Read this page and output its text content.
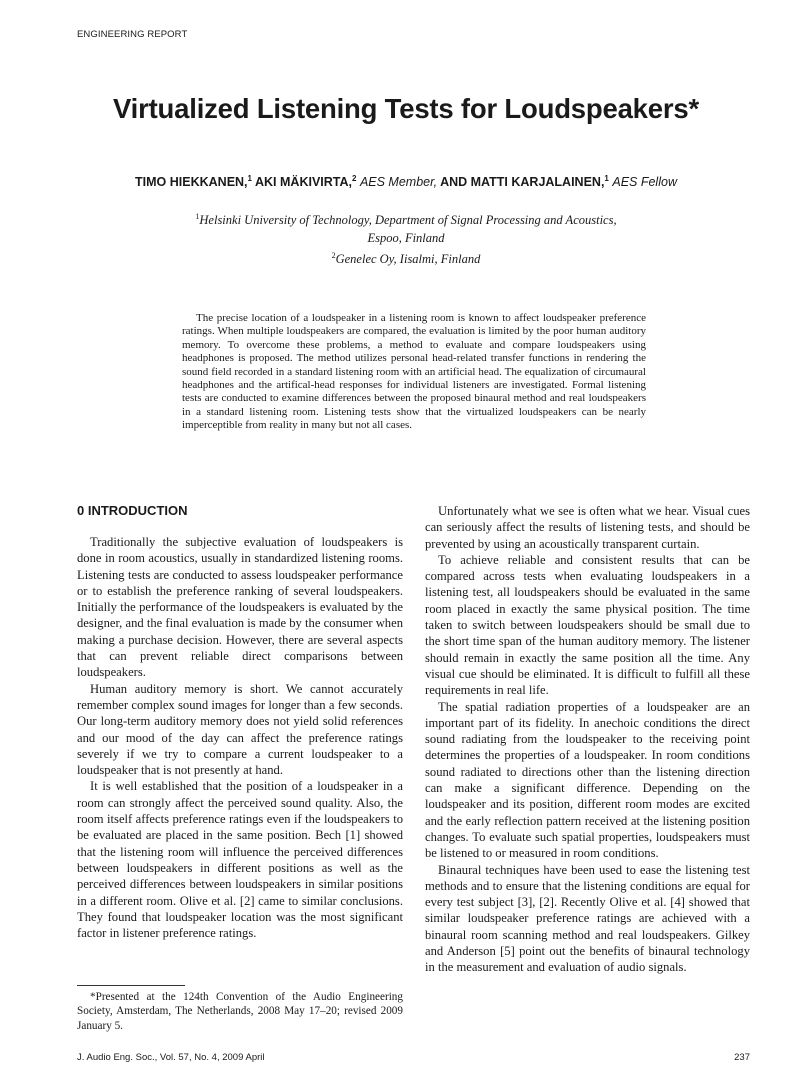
ENGINEERING REPORT
Virtualized Listening Tests for Loudspeakers*
TIMO HIEKKANEN,$^1$ AKI MÄKIVIRTA,$^2$ AES Member, AND MATTI KARJALAINEN,$^1$ AES Fellow
$^1$Helsinki University of Technology, Department of Signal Processing and Acoustics,
Espoo, Finland
$^2$Genelec Oy, Iisalmi, Finland

The precise location of a loudspeaker in a listening room is known to affect loudspeaker preference ratings. When multiple loudspeakers are compared, the evaluation is limited by the poor human auditory memory. To overcome these problems, a method to evaluate and compare loudspeakers using headphones is proposed. The method utilizes personal head-related transfer functions in rendering the sound field recorded in a standard listening room with an artificial head. The equalization of circumaural headphones and the artifical-head responses for individual listeners are investigated. Formal listening tests are conducted to examine differences between the proposed binaural method and real loudspeakers in a standard listening room. Listening tests show that the virtualized loudspeakers can be nearly imperceptible from reality in many but not all cases.

0 INTRODUCTION

Traditionally the subjective evaluation of loudspeakers is done in room acoustics, usually in standardized listening rooms. Listening tests are conducted to assess loudspeaker performance or to establish the preference ranking of several loudspeakers. Initially the performance of the loudspeakers is evaluated by the designer, and the final evaluation is made by the consumer when making a purchase decision. However, there are several aspects that can prevent reliable direct comparisons between loudspeakers.

Human auditory memory is short. We cannot accurately remember complex sound images for longer than a few seconds. Our long-term auditory memory does not yield solid references and our mood of the day can affect the preference ratings severely if we try to compare a current loudspeaker to a loudspeaker that is not presently at hand.

It is well established that the position of a loudspeaker in a room can strongly affect the perceived sound quality. Also, the room itself affects preference ratings even if the loudspeakers to be evaluated are placed in the same position. Bech [1] showed that the listening room will influence the perceived differences between loudspeakers in different positions as well as the perceived differences between loudspeakers in similar positions in a different room. Olive et al. [2] came to similar conclusions. They found that loudspeaker location was the most significant factor in listener preference ratings.

Unfortunately what we see is often what we hear. Visual cues can seriously affect the results of listening tests, and should be prevented by using an acoustically transparent curtain.

To achieve reliable and consistent results that can be compared across tests when evaluating loudspeakers in a listening test, all loudspeakers should be evaluated in the same room placed in exactly the same physical position. The time taken to switch between loudspeakers should be small due to the short time span of the human auditory memory. The listener should remain in exactly the same position all the time. Any visual cue should be eliminated. It is difficult to fulfill all these requirements in real life.

The spatial radiation properties of a loudspeaker are an important part of its fidelity. In anechoic conditions the direct sound radiating from the loudspeaker to the receiving point determines the properties of a loudspeaker. In room conditions sound radiated to directions other than the listening direction can make a significant difference. Depending on the loudspeaker and its position, different room modes are excited and the early reflection pattern received at the listening position changes. To evaluate such spatial properties, loudspeakers must be listened to or measured in room conditions.

Binaural techniques have been used to ease the listening test methods and to ensure that the listening conditions are equal for every test subject [3], [2]. Recently Olive et al. [4] showed that similar loudspeaker preference ratings are achieved with a binaural room scanning method and real loudspeakers. Gilkey and Anderson [5] point out the benefits of binaural technology in the measurement and evaluation of audio signals.

*Presented at the 124th Convention of the Audio Engineering Society, Amsterdam, The Netherlands, 2008 May 17–20; revised 2009 January 5.

J. Audio Eng. Soc., Vol. 57, No. 4, 2009 April	237
